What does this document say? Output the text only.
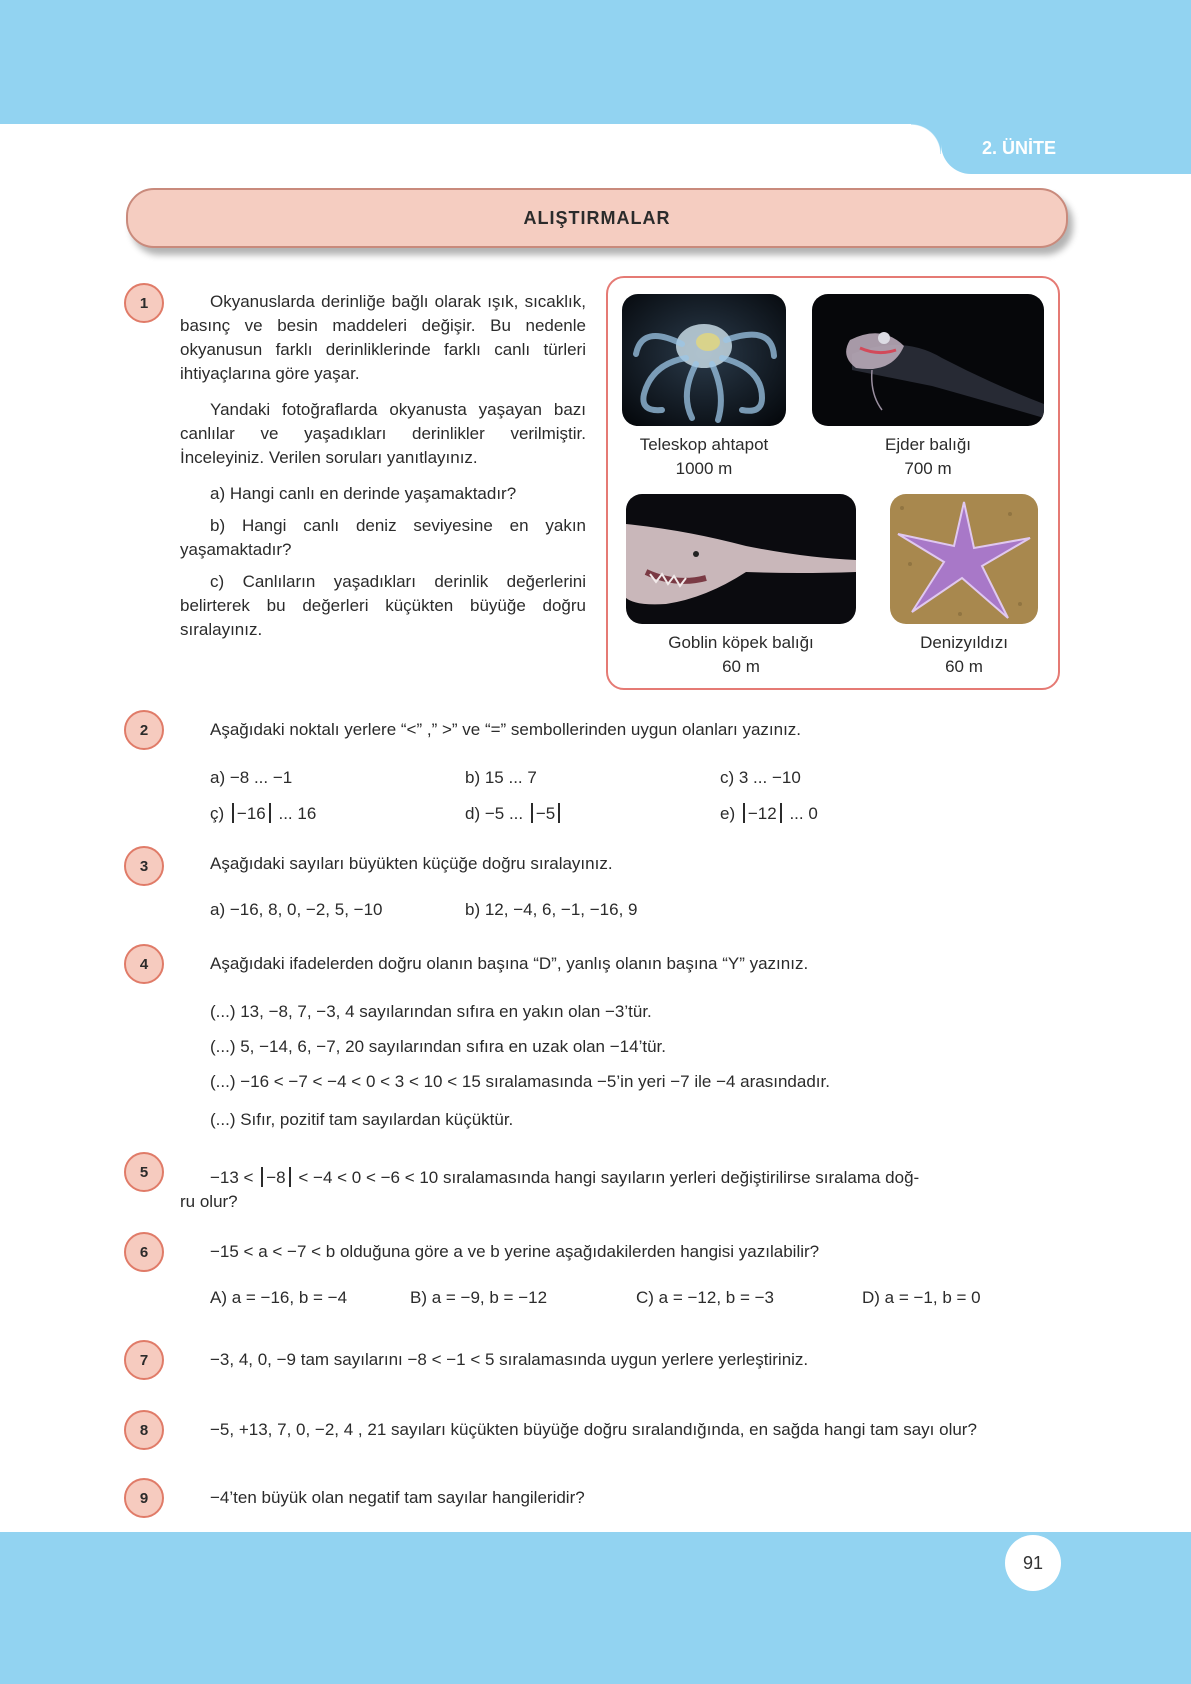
2. ÜNİTE
91
ALIŞTIRMALAR
1	Okyanuslarda derinliğe bağlı olarak ışık, sıcaklık, basınç ve besin maddeleri değişir. Bu nedenle okyanusun farklı derinliklerinde farklı canlı türleri ihtiyaçlarına göre yaşar.

Yandaki fotoğraflarda okyanusta yaşayan bazı canlılar ve yaşadıkları derinlikler verilmiştir. İnceleyiniz. Verilen soruları yanıtlayınız.

a) Hangi canlı en derinde yaşamaktadır?

b) Hangi canlı deniz seviyesine en yakın yaşamaktadır?

c) Canlıların yaşadıkları derinlik değerlerini belirterek bu değerleri küçükten büyüğe doğru sıralayınız.

Teleskop ahtapot
1000 m
Ejder balığı
700 m
Goblin köpek balığı
60 m
Denizyıldızı
60 m
2	Aşağıdaki noktalı yerlere “<” ,” >” ve “=” sembollerinden uygun olanları yazınız.
a) −8 ... −1	b) 15 ... 7	c) 3 ... −10
ç) −16 ... 16	d) −5 ... −5	e) −12 ... 0
3	Aşağıdaki sayıları büyükten küçüğe doğru sıralayınız.
a) −16, 8, 0, −2, 5, −10	b) 12, −4, 6, −1, −16, 9
4	Aşağıdaki ifadelerden doğru olanın başına “D”, yanlış olanın başına “Y” yazınız.
(...) 13, −8, 7, −3, 4 sayılarından sıfıra en yakın olan −3’tür.
(...) 5, −14, 6, −7, 20 sayılarından sıfıra en uzak olan −14’tür.
(...) −16 < −7 < −4 < 0 < 3 < 10 < 15 sıralamasında −5’in yeri −7 ile −4 arasındadır.
(...) Sıfır, pozitif tam sayılardan küçüktür.
5	−13 < −8 < −4 < 0 < −6 < 10 sıralamasında hangi sayıların yerleri değiştirilirse sıralama doğ-
ru olur?
6	−15 < a < −7 < b olduğuna göre a ve b yerine aşağıdakilerden hangisi yazılabilir?
A) a = −16, b = −4	B) a = −9, b = −12	C) a = −12, b = −3	D) a = −1, b = 0
7	−3, 4, 0, −9 tam sayılarını −8 < −1 < 5 sıralamasında uygun yerlere yerleştiriniz.
8	−5, +13, 7, 0, −2, 4 , 21 sayıları küçükten büyüğe doğru sıralandığında, en sağda hangi tam sayı olur?
9	−4’ten büyük olan negatif tam sayılar hangileridir?
